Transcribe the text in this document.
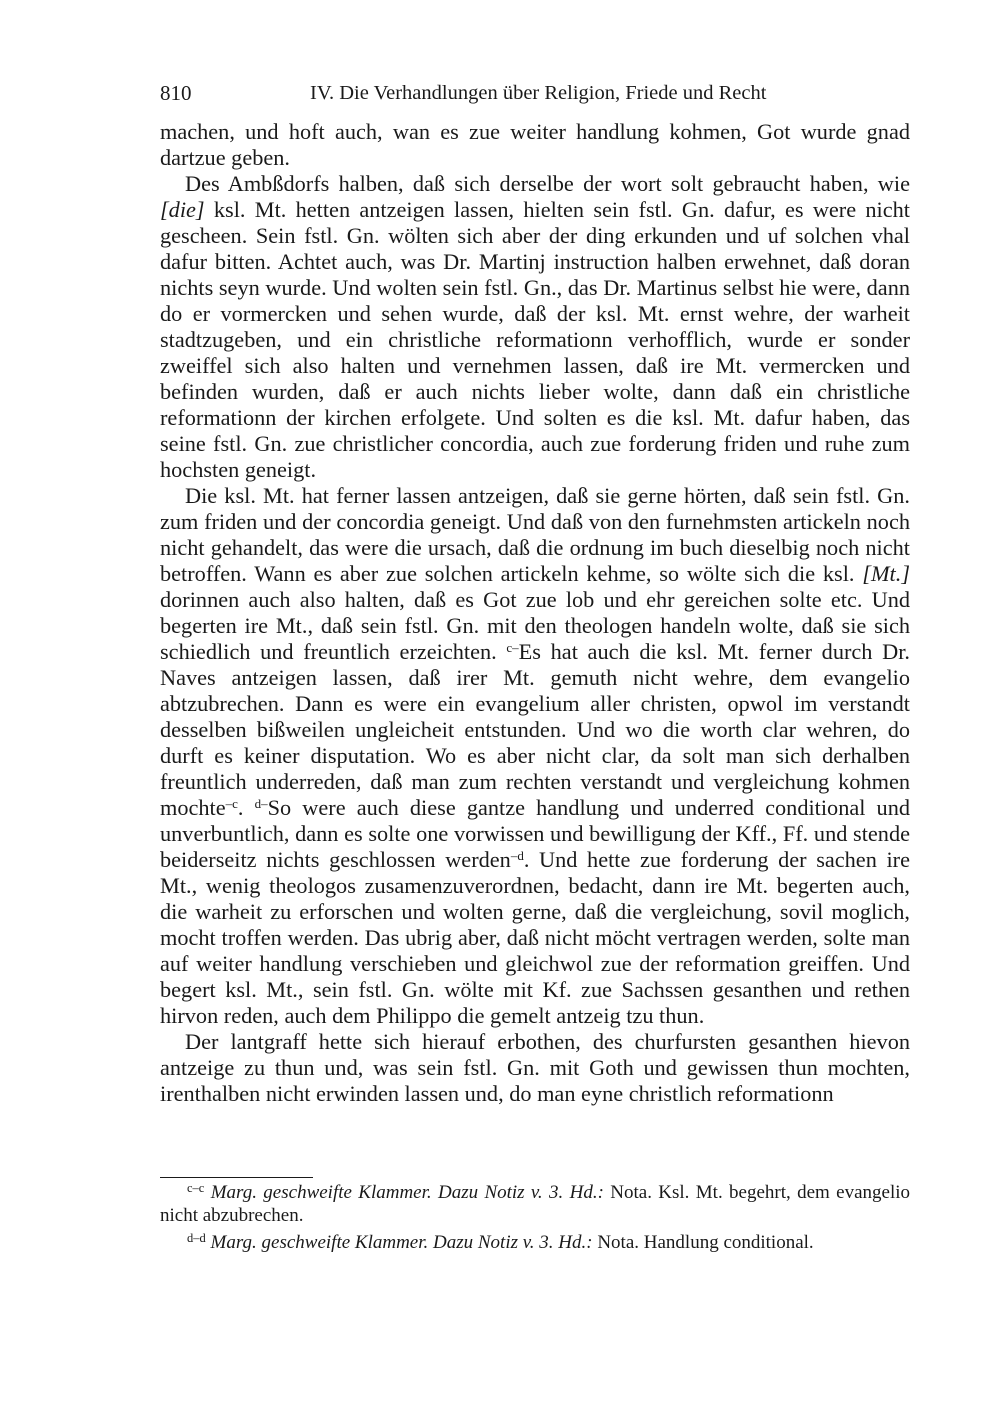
810	IV. Die Verhandlungen über Religion, Friede und Recht

machen, und hoft auch, wan es zue weiter handlung kohmen, Got wurde gnad dartzue geben.

Des Ambßdorfs halben, daß sich derselbe der wort solt gebraucht haben, wie [die] ksl. Mt. hetten antzeigen lassen, hielten sein fstl. Gn. dafur, es were nicht gescheen. Sein fstl. Gn. wölten sich aber der ding erkunden und uf solchen vhal dafur bitten. Achtet auch, was Dr. Martinj instruction halben erwehnet, daß doran nichts seyn wurde. Und wolten sein fstl. Gn., das Dr. Martinus selbst hie were, dann do er vormercken und sehen wurde, daß der ksl. Mt. ernst wehre, der warheit stadtzugeben, und ein christliche reformationn verhofflich, wurde er sonder zweiffel sich also halten und vernehmen lassen, daß ire Mt. vermercken und befinden wurden, daß er auch nichts lieber wolte, dann daß ein christliche reformationn der kirchen erfolgete. Und solten es die ksl. Mt. dafur haben, das seine fstl. Gn. zue christlicher concordia, auch zue forderung friden und ruhe zum hochsten geneigt.

Die ksl. Mt. hat ferner lassen antzeigen, daß sie gerne hörten, daß sein fstl. Gn. zum friden und der concordia geneigt. Und daß von den furnehmsten artickeln noch nicht gehandelt, das were die ursach, daß die ordnung im buch dieselbig noch nicht betroffen. Wann es aber zue solchen artickeln kehme, so wölte sich die ksl. [Mt.] dorinnen auch also halten, daß es Got zue lob und ehr gereichen solte etc. Und begerten ire Mt., daß sein fstl. Gn. mit den theologen handeln wolte, daß sie sich schiedlich und freuntlich erzeichten. $^{c-}$Es hat auch die ksl. Mt. ferner durch Dr. Naves antzeigen lassen, daß irer Mt. gemuth nicht wehre, dem evangelio abtzubrechen. Dann es were ein evangelium aller christen, opwol im verstandt desselben bißweilen ungleicheit entstunden. Und wo die worth clar wehren, do durft es keiner disputation. Wo es aber nicht clar, da solt man sich derhalben freuntlich underreden, daß man zum rechten verstandt und vergleichung kohmen mochte$^{-c}$. $^{d-}$So were auch diese gantze handlung und underred conditional und unverbuntlich, dann es solte one vorwissen und bewilligung der Kff., Ff. und stende beiderseitz nichts geschlossen werden$^{-d}$. Und hette zue forderung der sachen ire Mt., wenig theologos zusamenzuverordnen, bedacht, dann ire Mt. begerten auch, die warheit zu erforschen und wolten gerne, daß die vergleichung, sovil moglich, mocht troffen werden. Das ubrig aber, daß nicht möcht vertragen werden, solte man auf weiter handlung verschieben und gleichwol zue der reformation greiffen. Und begert ksl. Mt., sein fstl. Gn. wölte mit Kf. zue Sachssen gesanthen und rethen hirvon reden, auch dem Philippo die gemelt antzeig tzu thun.

Der lantgraff hette sich hierauf erbothen, des churfursten gesanthen hievon antzeige zu thun und, was sein fstl. Gn. mit Goth und gewissen thun mochten, irenthalben nicht erwinden lassen und, do man eyne christlich reformationn

$^{c-c}$ Marg. geschweifte Klammer. Dazu Notiz v. 3. Hd.: Nota. Ksl. Mt. begehrt, dem evangelio nicht abzubrechen.

$^{d-d}$ Marg. geschweifte Klammer. Dazu Notiz v. 3. Hd.: Nota. Handlung conditional.
